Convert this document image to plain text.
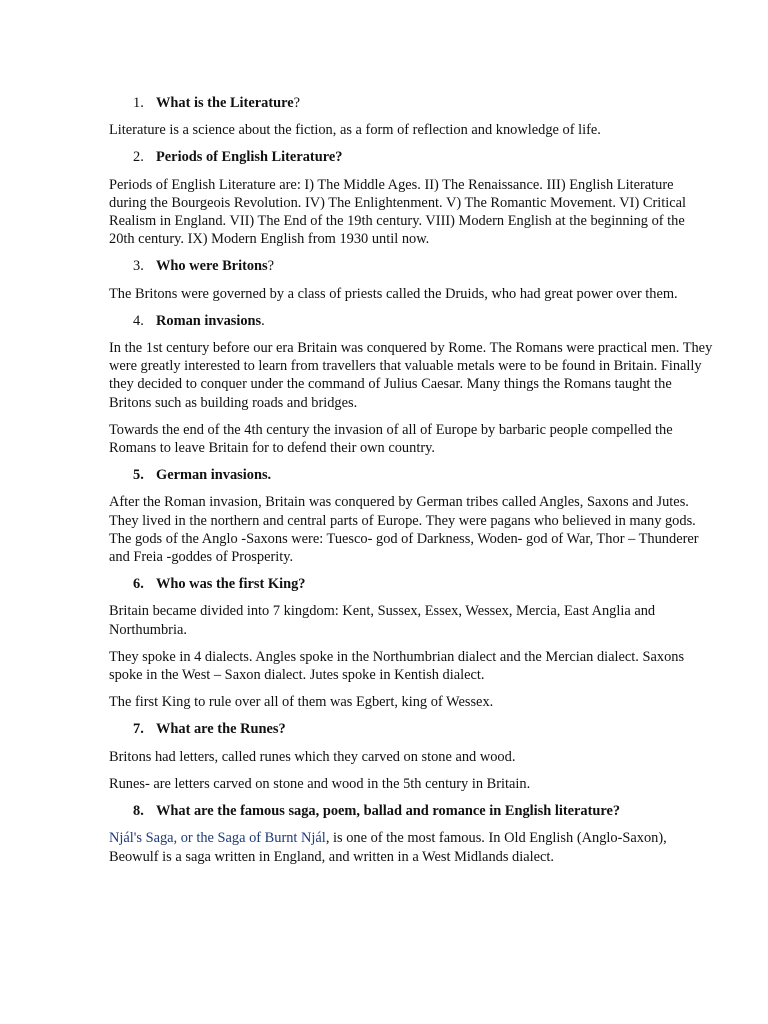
1. What is the Literature?

Literature is a science about the fiction, as a form of reflection and knowledge of life.

2. Periods of English Literature?

Periods of English Literature are: I) The Middle Ages. II) The Renaissance. III) English Literature during the Bourgeois Revolution. IV) The Enlightenment. V) The Romantic Movement. VI) Critical Realism in England. VII) The End of the 19th century. VIII) Modern English at the beginning of the 20th century. IX) Modern English from 1930 until now.

3. Who were Britons?

The Britons were governed by a class of priests called the Druids, who had great power over them.

4. Roman invasions.

In the 1st century before our era Britain was conquered by Rome. The Romans were practical men. They were greatly interested to learn from travellers that valuable metals were to be found in Britain. Finally they decided to conquer under the command of Julius Caesar. Many things the Romans taught the Britons such as building roads and bridges.

Towards the end of the 4th century the invasion of all of Europe by barbaric people compelled the Romans to leave Britain for to defend their own country.

5. German invasions.

After the Roman invasion, Britain was conquered by German tribes called Angles, Saxons and Jutes. They lived in the northern and central parts of Europe. They were pagans who believed in many gods. The gods of the Anglo -Saxons were: Tuesco- god of Darkness, Woden- god of War, Thor – Thunderer and Freia -goddes of Prosperity.

6. Who was the first King?

Britain became divided into 7 kingdom: Kent, Sussex, Essex, Wessex, Mercia, East Anglia and Northumbria.

They spoke in 4 dialects. Angles spoke in the Northumbrian dialect and the Mercian dialect. Saxons spoke in the West – Saxon dialect. Jutes spoke in Kentish dialect.

The first King to rule over all of them was Egbert, king of Wessex.

7. What are the Runes?

Britons had letters, called runes which they carved on stone and wood.

Runes- are letters carved on stone and wood in the 5th century in Britain.

8. What are the famous saga, poem, ballad and romance in English literature?

Njál's Saga, or the Saga of Burnt Njál, is one of the most famous. In Old English (Anglo-Saxon), Beowulf is a saga written in England, and written in a West Midlands dialect.
